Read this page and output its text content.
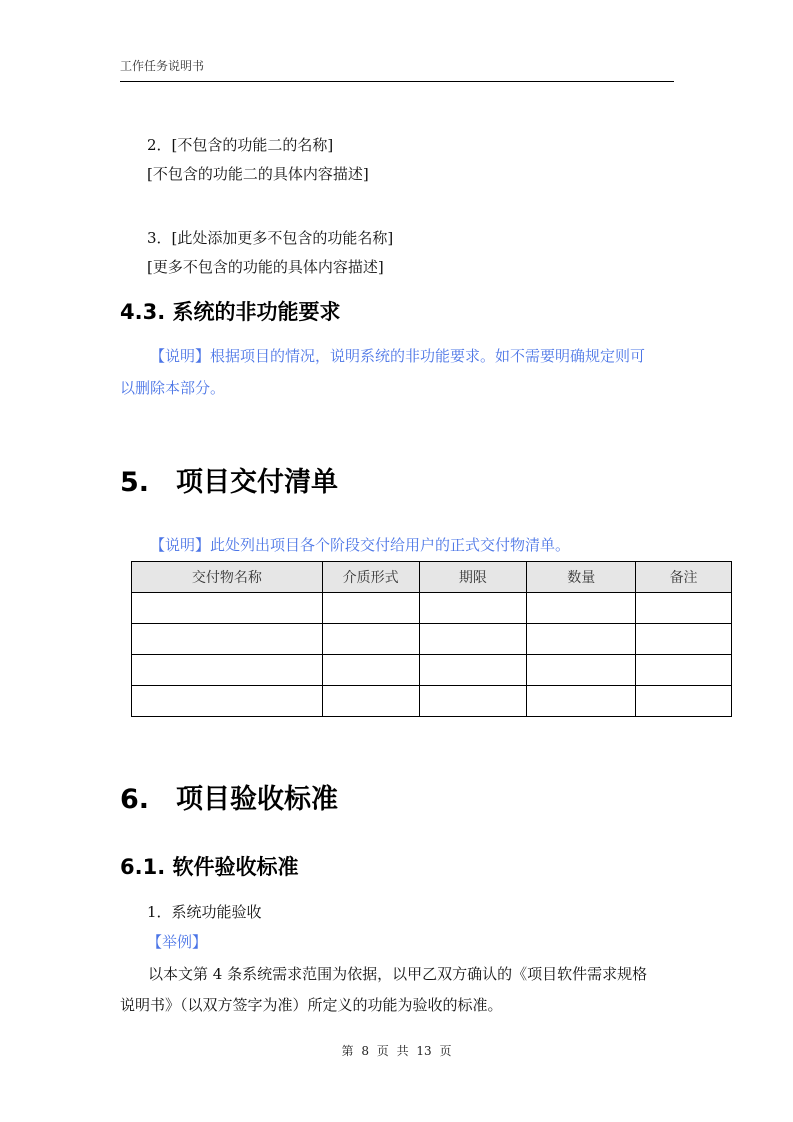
工作任务说明书
2．[不包含的功能二的名称]
[不包含的功能二的具体内容描述]
3．[此处添加更多不包含的功能名称]
[更多不包含的功能的具体内容描述]
4.3. 系统的非功能要求
【说明】根据项目的情况，说明系统的非功能要求。如不需要明确规定则可
以删除本部分。
5. 项目交付清单
【说明】此处列出项目各个阶段交付给用户的正式交付物清单。
交付物名称	介质形式	期限	数量	备注

6. 项目验收标准
6.1. 软件验收标准
1．系统功能验收
【举例】
以本文第 4 条系统需求范围为依据，以甲乙双方确认的《项目软件需求规格
说明书》（以双方签字为准）所定义的功能为验收的标准。
第 8 页 共 13 页
